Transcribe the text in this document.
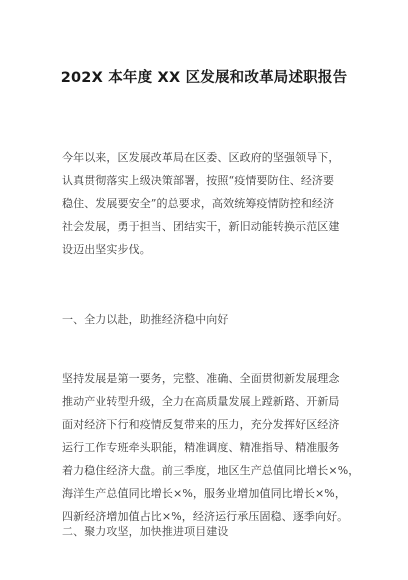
202X 本年度 XX 区发展和改革局述职报告
今年以来，区发展改革局在区委、区政府的坚强领导下，
认真贯彻落实上级决策部署，按照“疫情要防住、经济要
稳住、发展要安全”的总要求，高效统筹疫情防控和经济
社会发展，勇于担当、团结实干，新旧动能转换示范区建
设迈出坚实步伐。
一、全力以赴，助推经济稳中向好
坚持发展是第一要务，完整、准确、全面贯彻新发展理念
推动产业转型升级，全力在高质量发展上蹚新路、开新局
面对经济下行和疫情反复带来的压力，充分发挥好区经济
运行工作专班牵头职能，精准调度、精准指导、精准服务
着力稳住经济大盘。前三季度，地区生产总值同比增长×%，
海洋生产总值同比增长×%，服务业增加值同比增长×%，
四新经济增加值占比×%，经济运行承压固稳、逐季向好。
二、聚力攻坚，加快推进项目建设
